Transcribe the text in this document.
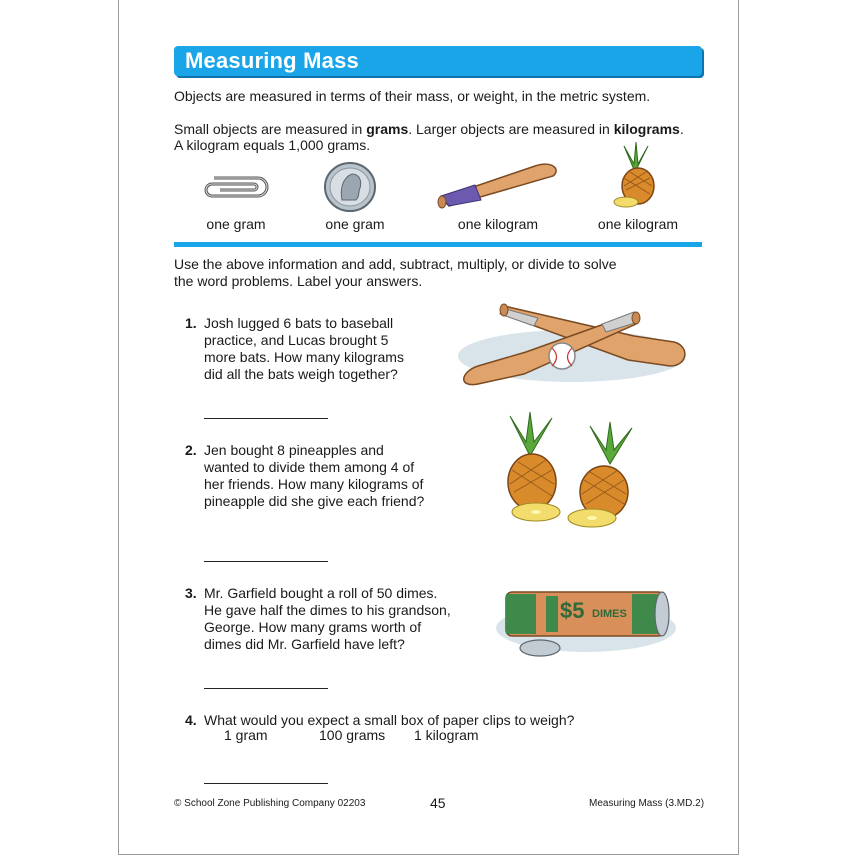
Measuring Mass
Objects are measured in terms of their mass, or weight, in the metric system.
Small objects are measured in grams. Larger objects are measured in kilograms.
A kilogram equals 1,000 grams.
one gram	one gram	one kilogram	one kilogram
Use the above information and add, subtract, multiply, or divide to solve
the word problems. Label your answers.
1. Josh lugged 6 bats to baseball
practice, and Lucas brought 5
more bats. How many kilograms
did all the bats weigh together?
2. Jen bought 8 pineapples and
wanted to divide them among 4 of
her friends. How many kilograms of
pineapple did she give each friend?
3. Mr. Garfield bought a roll of 50 dimes.
He gave half the dimes to his grandson,
George. How many grams worth of
dimes did Mr. Garfield have left?
$5 DIMES
4. What would you expect a small box of paper clips to weigh?
1 gram	100 grams 1 kilogram
© School Zone Publishing Company 02203	45	Measuring Mass (3.MD.2)
